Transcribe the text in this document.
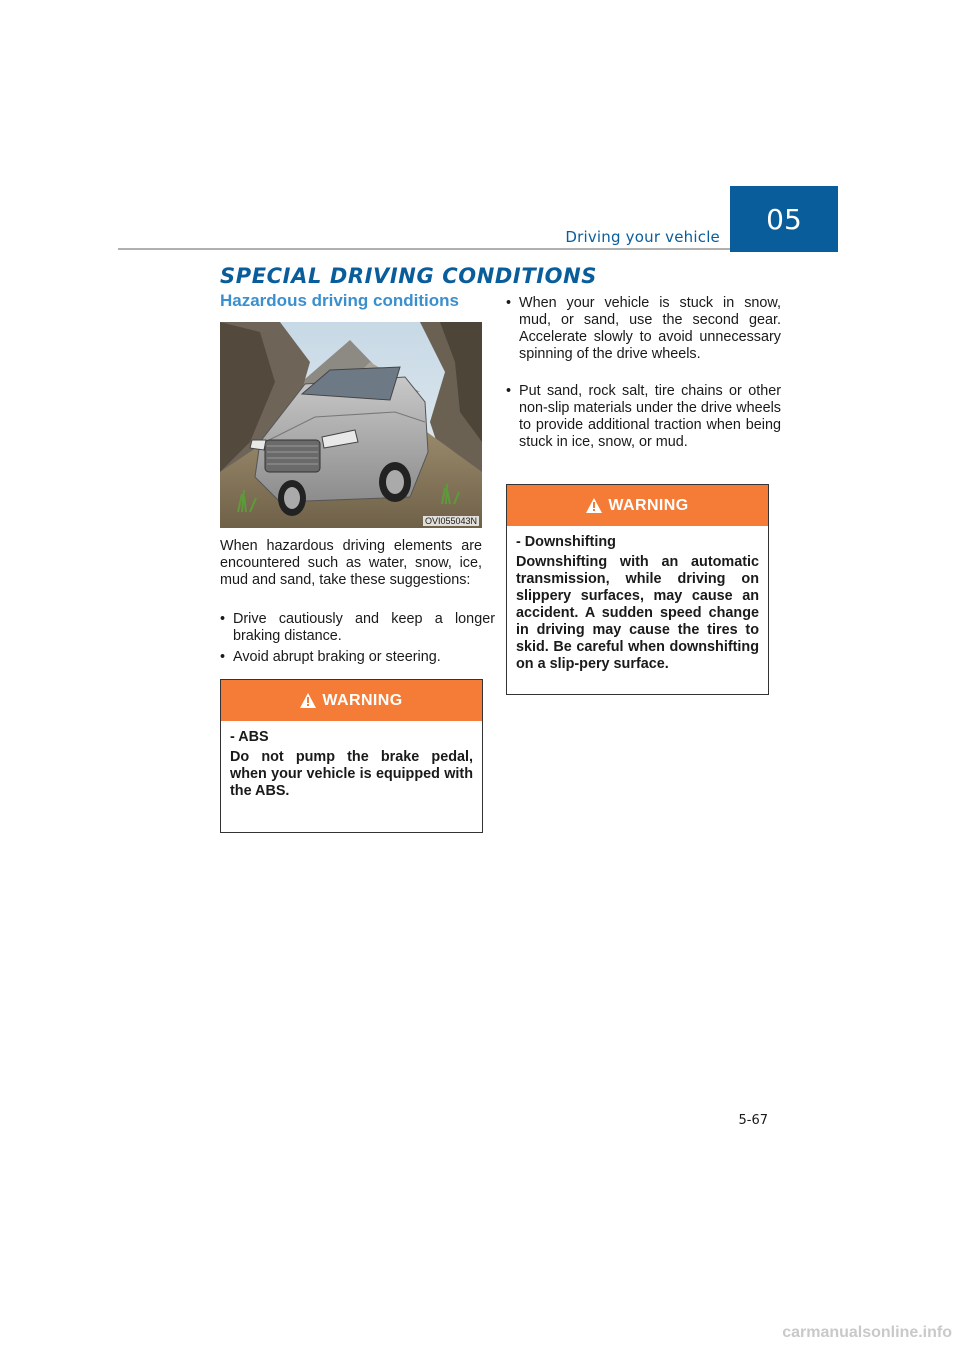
Driving your vehicle
05
SPECIAL DRIVING CONDITIONS
Hazardous driving conditions
OVI055043N
When hazardous driving elements are encountered such as water, snow, ice, mud and sand, take these suggestions:
• Drive cautiously and keep a longer braking distance.
• Avoid abrupt braking or steering.
WARNING
- ABS
Do not pump the brake pedal, when your vehicle is equipped with the ABS.
• When your vehicle is stuck in snow, mud, or sand, use the second gear. Accelerate slowly to avoid unnecessary spinning of the drive wheels.
• Put sand, rock salt, tire chains or other non-slip materials under the drive wheels to provide additional traction when being stuck in ice, snow, or mud.
WARNING
- Downshifting
Downshifting with an automatic transmission, while driving on slippery surfaces, may cause an accident. A sudden speed change in driving may cause the tires to skid. Be careful when downshifting on a slip-pery surface.
5-67
carmanualsonline.info
